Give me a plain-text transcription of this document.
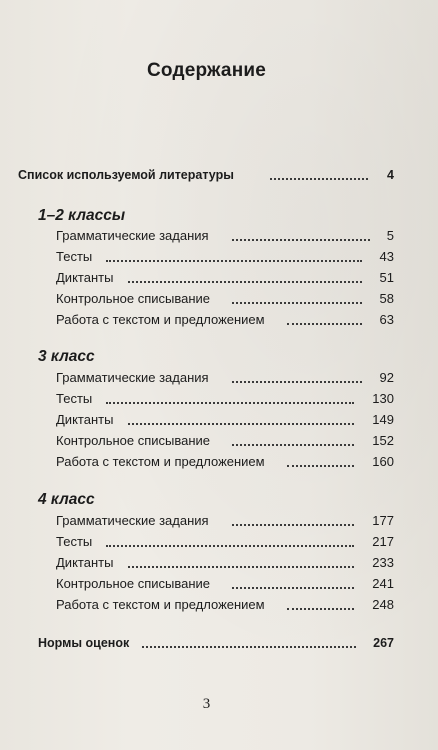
Содержание
Список используемой литературы	4
1–2 классы
Грамматические задания	5
Тесты	43
Диктанты	51
Контрольное списывание	58
Работа с текстом и предложением	63
3 класс
Грамматические задания	92
Тесты	130
Диктанты	149
Контрольное списывание	152
Работа с текстом и предложением	160
4 класс
Грамматические задания	177
Тесты	217
Диктанты	233
Контрольное списывание	241
Работа с текстом и предложением	248
Нормы оценок	267
3
